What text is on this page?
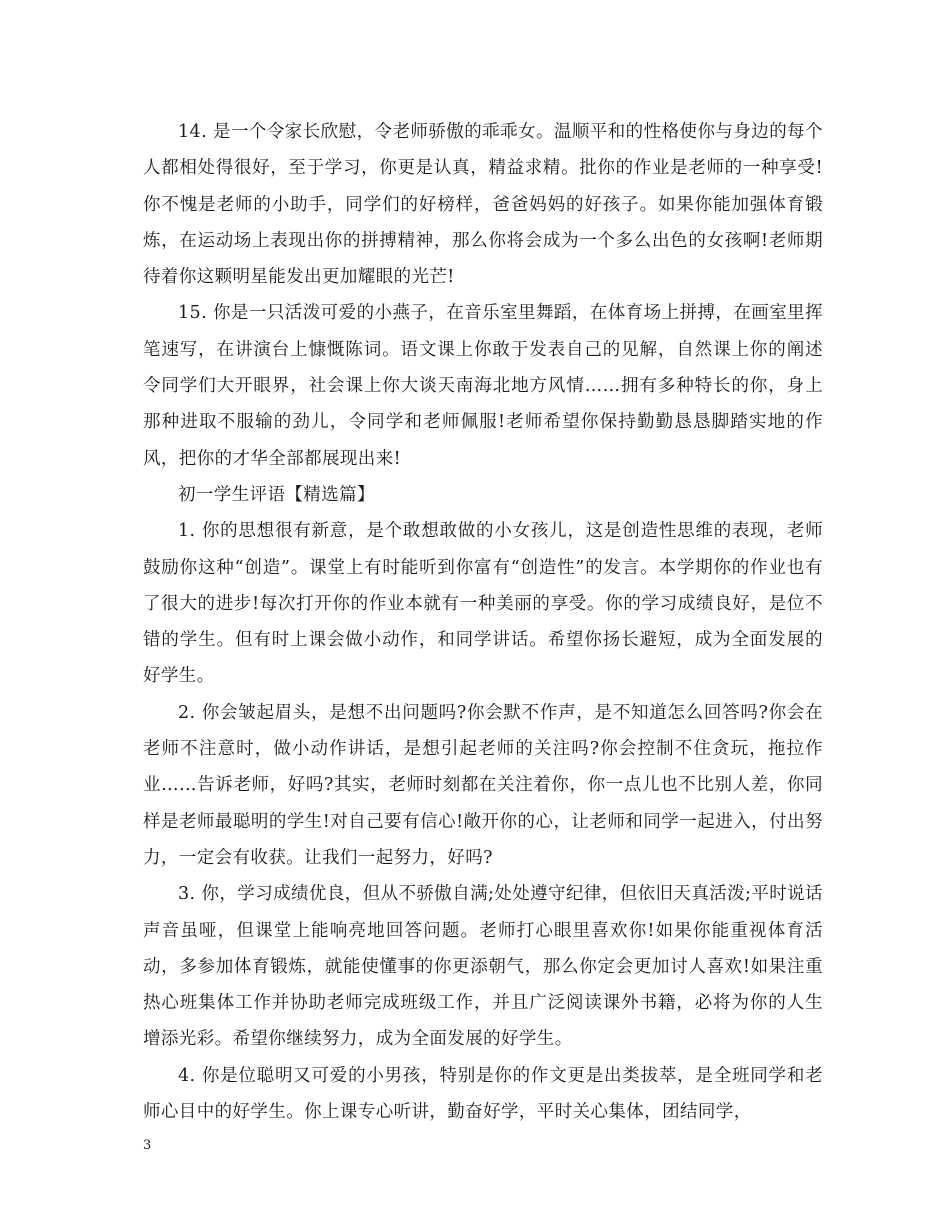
14. 是一个令家长欣慰，令老师骄傲的乖乖女。温顺平和的性格使你与身边的每个人都相处得很好，至于学习，你更是认真，精益求精。批你的作业是老师的一种享受!你不愧是老师的小助手，同学们的好榜样，爸爸妈妈的好孩子。如果你能加强体育锻炼，在运动场上表现出你的拼搏精神，那么你将会成为一个多么出色的女孩啊!老师期待着你这颗明星能发出更加耀眼的光芒!

15. 你是一只活泼可爱的小燕子，在音乐室里舞蹈，在体育场上拼搏，在画室里挥笔速写，在讲演台上慷慨陈词。语文课上你敢于发表自己的见解，自然课上你的阐述令同学们大开眼界，社会课上你大谈天南海北地方风情……拥有多种特长的你，身上那种进取不服输的劲儿，令同学和老师佩服!老师希望你保持勤勤恳恳脚踏实地的作风，把你的才华全部都展现出来!

初一学生评语【精选篇】

1. 你的思想很有新意，是个敢想敢做的小女孩儿，这是创造性思维的表现，老师鼓励你这种“创造”。课堂上有时能听到你富有“创造性”的发言。本学期你的作业也有了很大的进步!每次打开你的作业本就有一种美丽的享受。你的学习成绩良好，是位不错的学生。但有时上课会做小动作，和同学讲话。希望你扬长避短，成为全面发展的好学生。

2. 你会皱起眉头，是想不出问题吗?你会默不作声，是不知道怎么回答吗?你会在老师不注意时，做小动作讲话，是想引起老师的关注吗?你会控制不住贪玩，拖拉作业……告诉老师，好吗?其实，老师时刻都在关注着你，你一点儿也不比别人差，你同样是老师最聪明的学生!对自己要有信心!敞开你的心，让老师和同学一起进入，付出努力，一定会有收获。让我们一起努力，好吗?

3. 你，学习成绩优良，但从不骄傲自满;处处遵守纪律，但依旧天真活泼;平时说话声音虽哑，但课堂上能响亮地回答问题。老师打心眼里喜欢你!如果你能重视体育活动，多参加体育锻炼，就能使懂事的你更添朝气，那么你定会更加讨人喜欢!如果注重热心班集体工作并协助老师完成班级工作，并且广泛阅读课外书籍，必将为你的人生增添光彩。希望你继续努力，成为全面发展的好学生。

4. 你是位聪明又可爱的小男孩，特别是你的作文更是出类拔萃，是全班同学和老师心目中的好学生。你上课专心听讲，勤奋好学，平时关心集体，团结同学，

3
